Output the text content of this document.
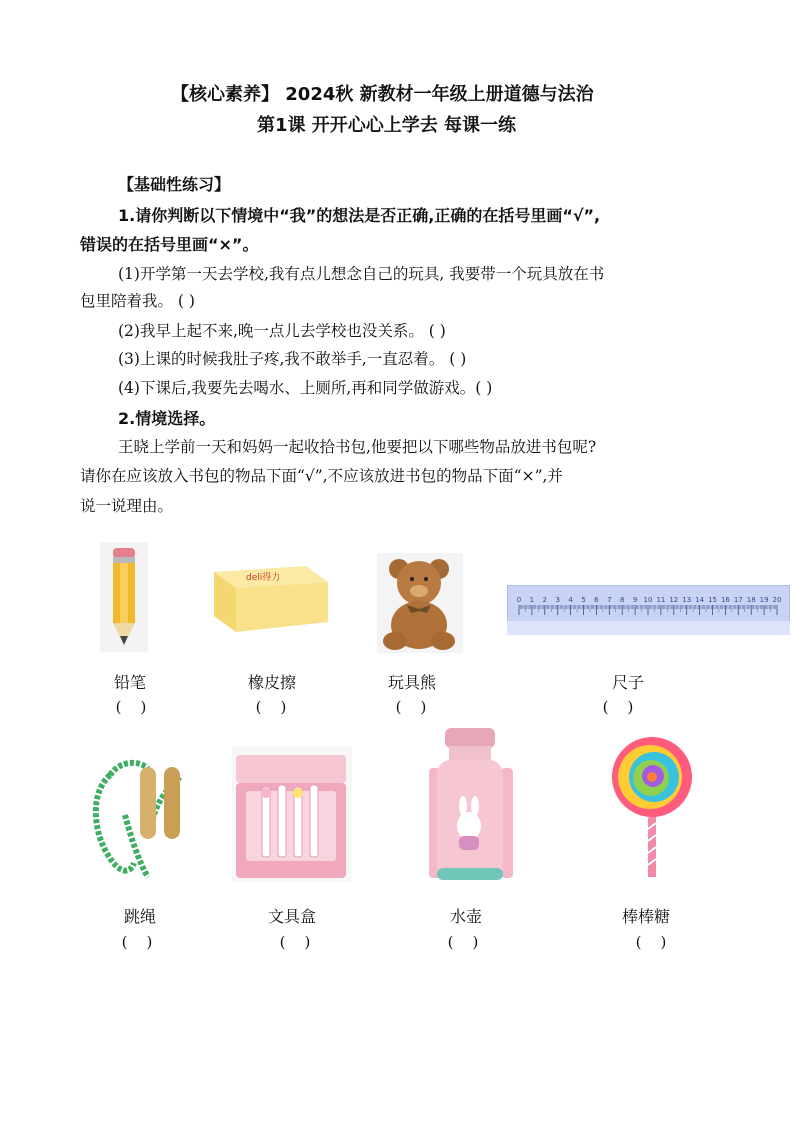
【核心素养】 2024秋 新教材一年级上册道德与法治
第1课 开开心心上学去 每课一练
【基础性练习】
1.请你判断以下情境中“我”的想法是否正确,正确的在括号里画“√”,
错误的在括号里画“×”。
(1)开学第一天去学校,我有点儿想念自己的玩具, 我要带一个玩具放在书
包里陪着我。 ( )
(2)我早上起不来,晚一点儿去学校也没关系。 ( )
(3)上课的时候我肚子疼,我不敢举手,一直忍着。 ( )
(4)下课后,我要先去喝水、上厕所,再和同学做游戏。( )
2.情境选择。
王晓上学前一天和妈妈一起收拾书包,他要把以下哪些物品放进书包呢?
请你在应该放入书包的物品下面“√”,不应该放进书包的物品下面“×”,并
说一说理由。
deli得力
0 1 2 3 4 5 6 7 8 9 10 11 12 13 14 15 16 17 18 19 20
铅笔	橡皮擦	玩具熊	尺子
(    )	(    )	(    )	(    )
跳绳	文具盒	水壶	棒棒糖
(    )	(    )	(    )	(    )
